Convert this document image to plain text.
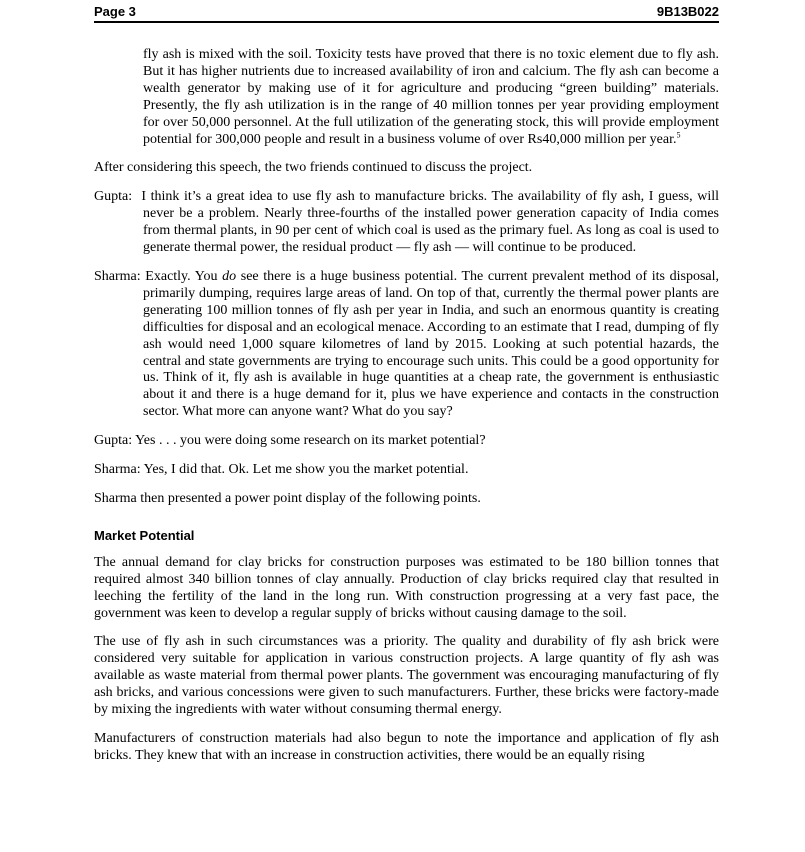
Page 3	9B13B022

fly ash is mixed with the soil. Toxicity tests have proved that there is no toxic element due to fly ash. But it has higher nutrients due to increased availability of iron and calcium. The fly ash can become a wealth generator by making use of it for agriculture and producing “green building” materials. Presently, the fly ash utilization is in the range of 40 million tonnes per year providing employment for over 50,000 personnel. At the full utilization of the generating stock, this will provide employment potential for 300,000 people and result in a business volume of over Rs40,000 million per year.$^5$

After considering this speech, the two friends continued to discuss the project.

Gupta: I think it’s a great idea to use fly ash to manufacture bricks. The availability of fly ash, I guess, will never be a problem. Nearly three-fourths of the installed power generation capacity of India comes from thermal plants, in 90 per cent of which coal is used as the primary fuel. As long as coal is used to generate thermal power, the residual product — fly ash — will continue to be produced.

Sharma: Exactly. You do see there is a huge business potential. The current prevalent method of its disposal, primarily dumping, requires large areas of land. On top of that, currently the thermal power plants are generating 100 million tonnes of fly ash per year in India, and such an enormous quantity is creating difficulties for disposal and an ecological menace. According to an estimate that I read, dumping of fly ash would need 1,000 square kilometres of land by 2015. Looking at such potential hazards, the central and state governments are trying to encourage such units. This could be a good opportunity for us. Think of it, fly ash is available in huge quantities at a cheap rate, the government is enthusiastic about it and there is a huge demand for it, plus we have experience and contacts in the construction sector. What more can anyone want? What do you say?

Gupta: Yes . . . you were doing some research on its market potential?

Sharma: Yes, I did that. Ok. Let me show you the market potential.

Sharma then presented a power point display of the following points.

Market Potential

The annual demand for clay bricks for construction purposes was estimated to be 180 billion tonnes that required almost 340 billion tonnes of clay annually. Production of clay bricks required clay that resulted in leeching the fertility of the land in the long run. With construction progressing at a very fast pace, the government was keen to develop a regular supply of bricks without causing damage to the soil.

The use of fly ash in such circumstances was a priority. The quality and durability of fly ash brick were considered very suitable for application in various construction projects. A large quantity of fly ash was available as waste material from thermal power plants. The government was encouraging manufacturing of fly ash bricks, and various concessions were given to such manufacturers. Further, these bricks were factory-made by mixing the ingredients with water without consuming thermal energy.

Manufacturers of construction materials had also begun to note the importance and application of fly ash bricks. They knew that with an increase in construction activities, there would be an equally rising
